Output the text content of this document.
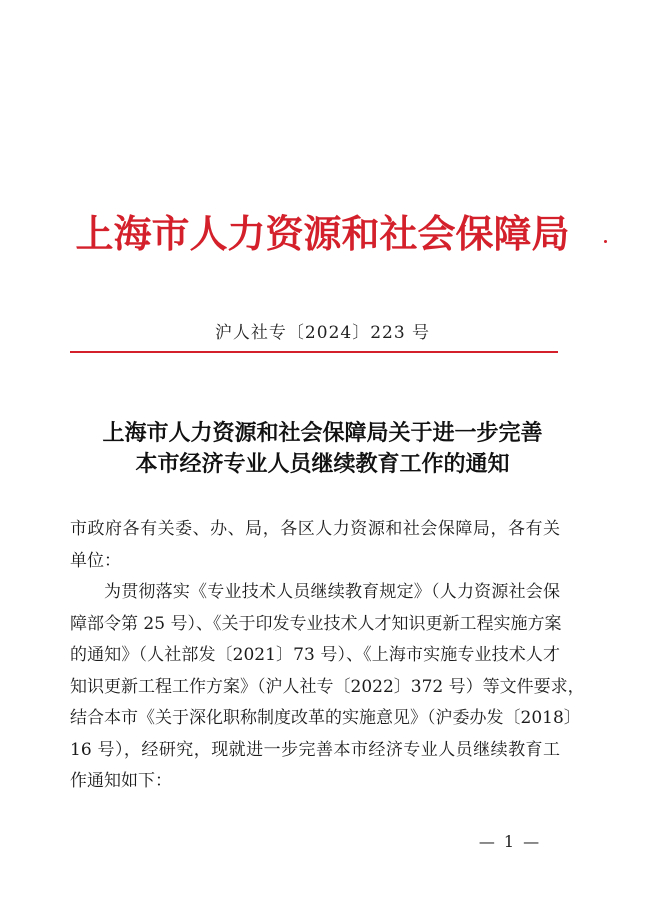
上海市人力资源和社会保障局
沪人社专〔2024〕223 号
上海市人力资源和社会保障局关于进一步完善
本市经济专业人员继续教育工作的通知
市政府各有关委、办、局，各区人力资源和社会保障局，各有关
单位：
为贯彻落实《专业技术人员继续教育规定》（人力资源社会保
障部令第 25 号）、《关于印发专业技术人才知识更新工程实施方案
的通知》（人社部发〔2021〕73 号）、《上海市实施专业技术人才
知识更新工程工作方案》（沪人社专〔2022〕372 号）等文件要求，
结合本市《关于深化职称制度改革的实施意见》（沪委办发〔2018〕
16 号），经研究，现就进一步完善本市经济专业人员继续教育工
作通知如下：
— 1 —
